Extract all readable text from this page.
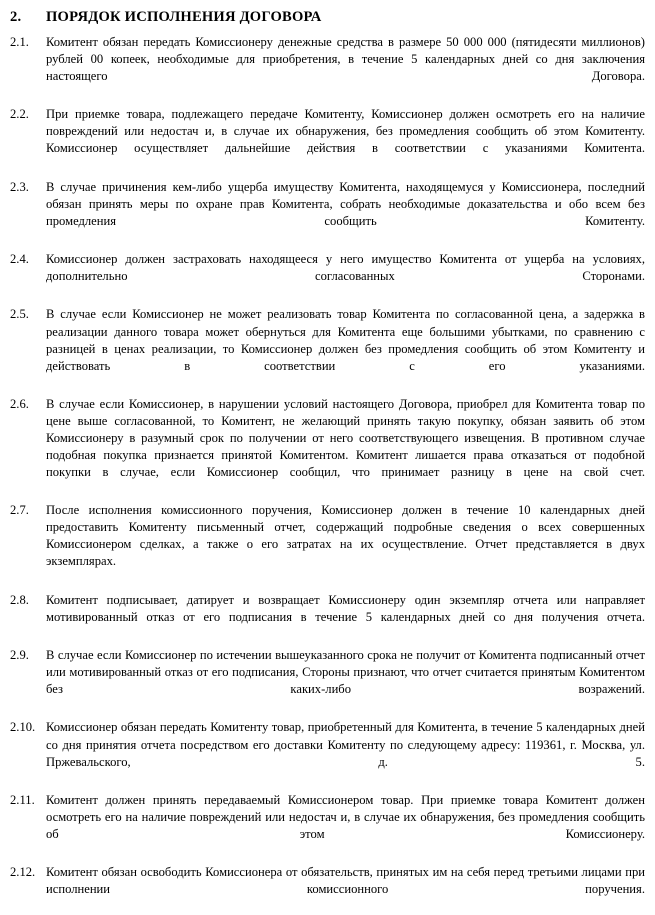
2.	ПОРЯДОК ИСПОЛНЕНИЯ ДОГОВОРА
2.1.	Комитент обязан передать Комиссионеру денежные средства в размере 50 000 000 (пятидесяти миллионов) рублей 00 копеек, необходимые для приобретения, в течение 5 календарных дней со дня заключения настоящего Договора.
2.2.	При приемке товара, подлежащего передаче Комитенту, Комиссионер должен осмотреть его на наличие повреждений или недостач и, в случае их обнаружения, без промедления сообщить об этом Комитенту. Комиссионер осуществляет дальнейшие действия в соответствии с указаниями Комитента.
2.3.	В случае причинения кем-либо ущерба имуществу Комитента, находящемуся у Комиссионера, последний обязан принять меры по охране прав Комитента, собрать необходимые доказательства и обо всем без промедления сообщить Комитенту.
2.4.	Комиссионер должен застраховать находящееся у него имущество Комитента от ущерба на условиях, дополнительно согласованных Сторонами.
2.5.	В случае если Комиссионер не может реализовать товар Комитента по согласованной цена, а задержка в реализации данного товара может обернуться для Комитента еще большими убытками, по сравнению с разницей в ценах реализации, то Комиссионер должен без промедления сообщить об этом Комитенту и действовать в соответствии с его указаниями.
2.6.	В случае если Комиссионер, в нарушении условий настоящего Договора, приобрел для Комитента товар по цене выше согласованной, то Комитент, не желающий принять такую покупку, обязан заявить об этом Комиссионеру в разумный срок по получении от него соответствующего извещения. В противном случае подобная покупка признается принятой Комитентом. Комитент лишается права отказаться от подобной покупки в случае, если Комиссионер сообщил, что принимает разницу в цене на свой счет.
2.7.	После исполнения комиссионного поручения, Комиссионер должен в течение 10 календарных дней предоставить Комитенту письменный отчет, содержащий подробные сведения о всех совершенных Комиссионером сделках, а также о его затратах на их осуществление. Отчет представляется в двух экземплярах.
2.8.	Комитент подписывает, датирует и возвращает Комиссионеру один экземпляр отчета или направляет мотивированный отказ от его подписания в течение 5 календарных дней со дня получения отчета.
2.9.	В случае если Комиссионер по истечении вышеуказанного срока не получит от Комитента подписанный отчет или мотивированный отказ от его подписания, Стороны признают, что отчет считается принятым Комитентом без каких-либо возражений.
2.10. Комиссионер обязан передать Комитенту товар, приобретенный для Комитента, в течение 5 календарных дней со дня принятия отчета посредством его доставки Комитенту по следующему адресу: 119361, г. Москва, ул. Пржевальского, д. 5.
2.11. Комитент должен принять передаваемый Комиссионером товар. При приемке товара Комитент должен осмотреть его на наличие повреждений или недостач и, в случае их обнаружения, без промедления сообщить об этом Комиссионеру.
2.12. Комитент обязан освободить Комиссионера от обязательств, принятых им на себя перед третьими лицами при исполнении комиссионного поручения.
